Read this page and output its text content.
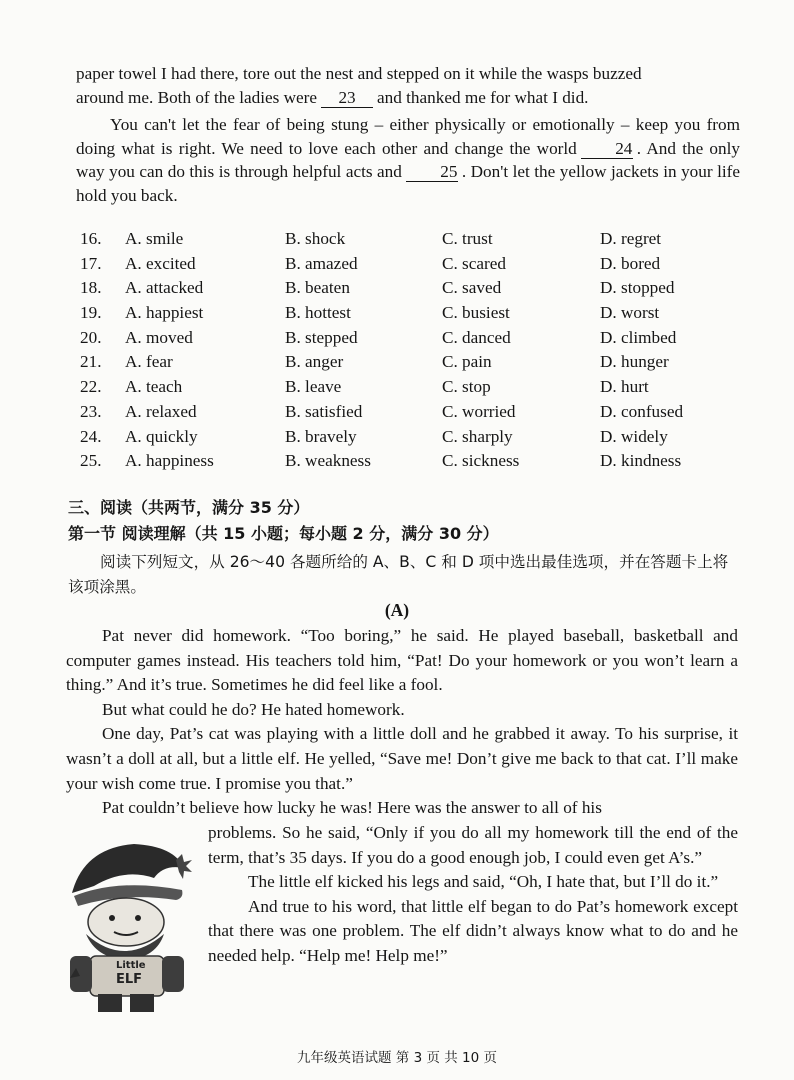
paper towel I had there, tore out the nest and stepped on it while the wasps buzzed
around me. Both of the ladies were 23 and thanked me for what I did.

You can't let the fear of being stung – either physically or emotionally – keep you from doing what is right. We need to love each other and change the world 24 . And the only way you can do this is through helpful acts and 25 . Don't let the yellow jackets in your life hold you back.

16. A. smile	B. shock	C. trust	D. regret
17. A. excited	B. amazed	C. scared	D. bored
18. A. attacked	B. beaten	C. saved	D. stopped
19. A. happiest	B. hottest	C. busiest	D. worst
20. A. moved	B. stepped	C. danced	D. climbed
21. A. fear	B. anger	C. pain	D. hunger
22. A. teach	B. leave	C. stop	D. hurt
23. A. relaxed	B. satisfied	C. worried	D. confused
24. A. quickly	B. bravely	C. sharply	D. widely
25. A. happiness	B. weakness	C. sickness	D. kindness

三、阅读（共两节，满分 35 分）

第一节 阅读理解（共 15 小题；每小题 2 分，满分 30 分）

阅读下列短文，从 26～40 各题所给的 A、B、C 和 D 项中选出最佳选项，并在答题卡上将该项涂黑。

(A)

Pat never did homework. “Too boring,” he said. He played baseball, basketball and computer games instead. His teachers told him, “Pat! Do your homework or you won’t learn a thing.” And it’s true. Sometimes he did feel like a fool.
But what could he do? He hated homework.
One day, Pat’s cat was playing with a little doll and he grabbed it away. To his surprise, it wasn’t a doll at all, but a little elf. He yelled, “Save me! Don’t give me back to that cat. I’ll make your wish come true. I promise you that.”
Pat couldn’t believe how lucky he was! Here was the answer to all of his

problems. So he said, “Only if you do all my homework till the end of the term, that’s 35 days. If you do a good enough job, I could even get A’s.”

The little elf kicked his legs and said, “Oh, I hate that, but I’ll do it.”
And true to his word, that little elf began to do Pat’s homework except that there was one problem. The elf didn’t always know what to do and he needed help. “Help me! Help me!”

Little
ELF
九年级英语试题 第 3 页 共 10 页
